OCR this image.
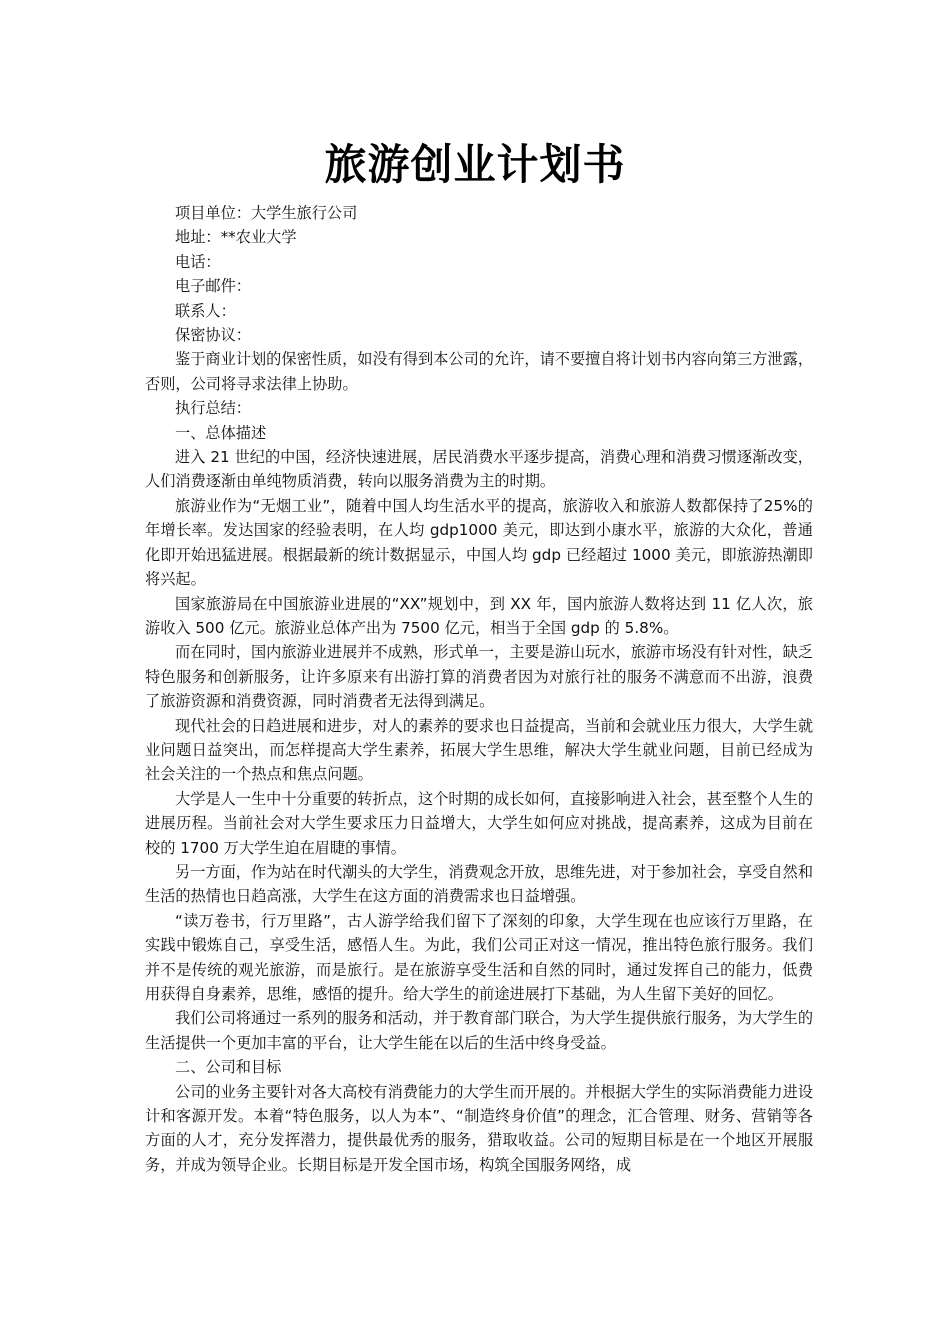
旅游创业计划书

项目单位：大学生旅行公司

地址：**农业大学

电话：

电子邮件：

联系人：

保密协议：

鉴于商业计划的保密性质，如没有得到本公司的允许，请不要擅自将计划书内容向第三方泄露，否则，公司将寻求法律上协助。

执行总结：

一、总体描述

进入 21 世纪的中国，经济快速进展，居民消费水平逐步提高，消费心理和消费习惯逐渐改变，人们消费逐渐由单纯物质消费，转向以服务消费为主的时期。

旅游业作为“无烟工业”，随着中国人均生活水平的提高，旅游收入和旅游人数都保持了25%的年增长率。发达国家的经验表明，在人均 gdp1000 美元，即达到小康水平，旅游的大众化，普通化即开始迅猛进展。根据最新的统计数据显示，中国人均 gdp 已经超过 1000 美元，即旅游热潮即将兴起。

国家旅游局在中国旅游业进展的“XX”规划中，到 XX 年，国内旅游人数将达到 11 亿人次，旅游收入 500 亿元。旅游业总体产出为 7500 亿元，相当于全国 gdp 的 5.8%。

而在同时，国内旅游业进展并不成熟，形式单一，主要是游山玩水，旅游市场没有针对性，缺乏特色服务和创新服务，让许多原来有出游打算的消费者因为对旅行社的服务不满意而不出游，浪费了旅游资源和消费资源，同时消费者无法得到满足。

现代社会的日趋进展和进步，对人的素养的要求也日益提高，当前和会就业压力很大，大学生就业问题日益突出，而怎样提高大学生素养，拓展大学生思维，解决大学生就业问题，目前已经成为社会关注的一个热点和焦点问题。

大学是人一生中十分重要的转折点，这个时期的成长如何，直接影响进入社会，甚至整个人生的进展历程。当前社会对大学生要求压力日益增大，大学生如何应对挑战，提高素养，这成为目前在校的 1700 万大学生迫在眉睫的事情。

另一方面，作为站在时代潮头的大学生，消费观念开放，思维先进，对于参加社会，享受自然和生活的热情也日趋高涨，大学生在这方面的消费需求也日益增强。

“读万卷书，行万里路”，古人游学给我们留下了深刻的印象，大学生现在也应该行万里路，在实践中锻炼自己，享受生活，感悟人生。为此，我们公司正对这一情况，推出特色旅行服务。我们并不是传统的观光旅游，而是旅行。是在旅游享受生活和自然的同时，通过发挥自己的能力，低费用获得自身素养，思维，感悟的提升。给大学生的前途进展打下基础，为人生留下美好的回忆。

我们公司将通过一系列的服务和活动，并于教育部门联合，为大学生提供旅行服务，为大学生的生活提供一个更加丰富的平台，让大学生能在以后的生活中终身受益。

二、公司和目标

公司的业务主要针对各大高校有消费能力的大学生而开展的。并根据大学生的实际消费能力进设计和客源开发。本着“特色服务，以人为本”、“制造终身价值”的理念，汇合管理、财务、营销等各方面的人才，充分发挥潜力，提供最优秀的服务，猎取收益。公司的短期目标是在一个地区开展服务，并成为领导企业。长期目标是开发全国市场，构筑全国服务网络，成
